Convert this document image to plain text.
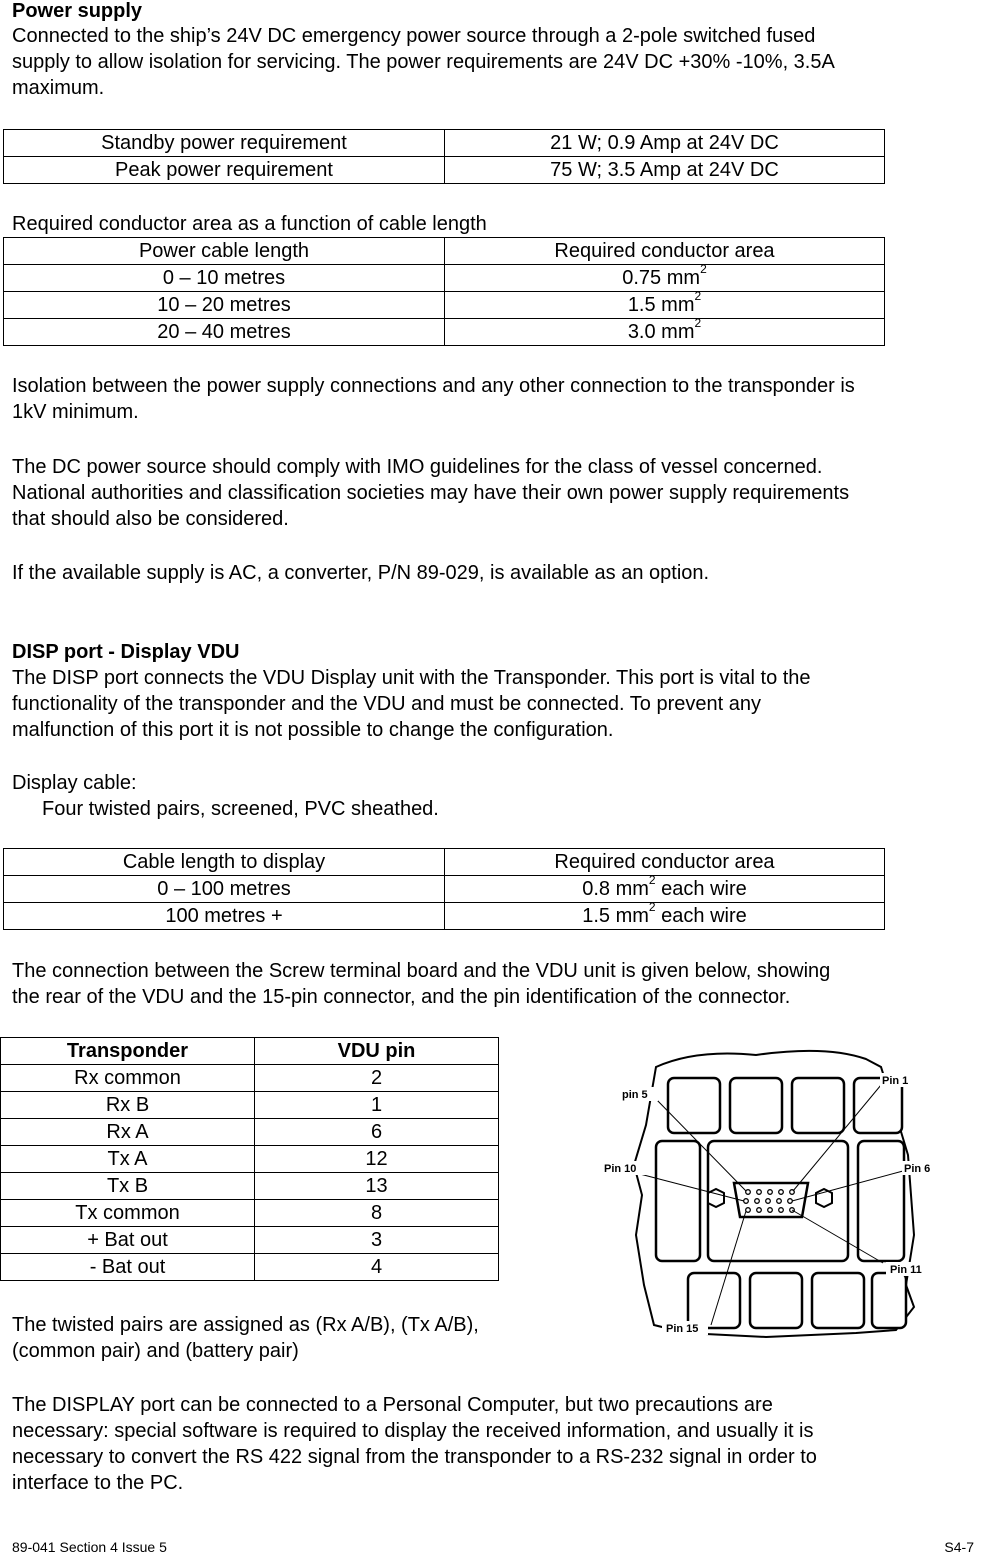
Power supply
Connected to the ship’s 24V DC emergency power source through a 2-pole switched fused
supply to allow isolation for servicing. The power requirements are 24V DC +30% -10%, 3.5A
maximum.
Standby power requirement	21 W; 0.9 Amp at 24V DC
Peak power requirement	75 W; 3.5 Amp at 24V DC
Required conductor area as a function of cable length
Power cable length	Required conductor area
0 – 10 metres	0.75 $mm^2$
10 – 20 metres	1.5 $mm^2$
20 – 40 metres	3.0 $mm^2$
Isolation between the power supply connections and any other connection to the transponder is
1kV minimum.
The DC power source should comply with IMO guidelines for the class of vessel concerned.
National authorities and classification societies may have their own power supply requirements
that should also be considered.
If the available supply is AC, a converter, P/N 89-029, is available as an option.
DISP port - Display VDU
The DISP port connects the VDU Display unit with the Transponder. This port is vital to the
functionality of the transponder and the VDU and must be connected. To prevent any
malfunction of this port it is not possible to change the configuration.
Display cable:
Four twisted pairs, screened, PVC sheathed.
Cable length to display	Required conductor area
0 – 100 metres	0.8 $mm^2$ each wire
100 metres +	1.5 $mm^2$ each wire
The connection between the Screw terminal board and the VDU unit is given below, showing
the rear of the VDU and the 15-pin connector, and the pin identification of the connector.
Transponder	VDU pin
Rx common	2
Rx B	1
Rx A	6
Tx A	12
Tx B	13
Tx common	8
+ Bat out	3
- Bat out	4
pin 5
Pin 1
Pin 10	Pin 6
Pin 11
Pin 15
The twisted pairs are assigned as (Rx A/B), (Tx A/B),
(common pair) and (battery pair)
The DISPLAY port can be connected to a Personal Computer, but two precautions are
necessary: special software is required to display the received information, and usually it is
necessary to convert the RS 422 signal from the transponder to a RS-232 signal in order to
interface to the PC.
89-041 Section 4 Issue 5	S4-7
